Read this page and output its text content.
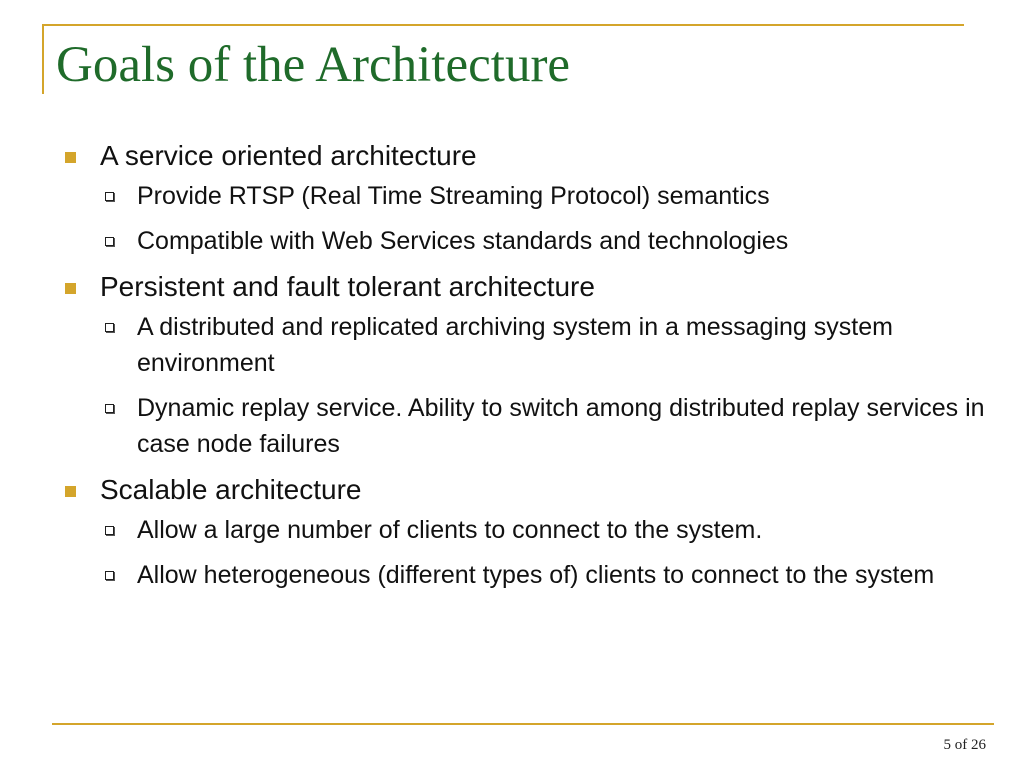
Goals of the Architecture
A service oriented architecture
Provide RTSP (Real Time Streaming Protocol) semantics
Compatible with Web Services standards and technologies
Persistent and fault tolerant architecture
A distributed and replicated archiving system in a messaging system environment
Dynamic replay service. Ability to switch among distributed replay services in case node failures
Scalable architecture
Allow a large number of clients to connect to the system.
Allow heterogeneous (different types of) clients to connect to the system
5 of 26
